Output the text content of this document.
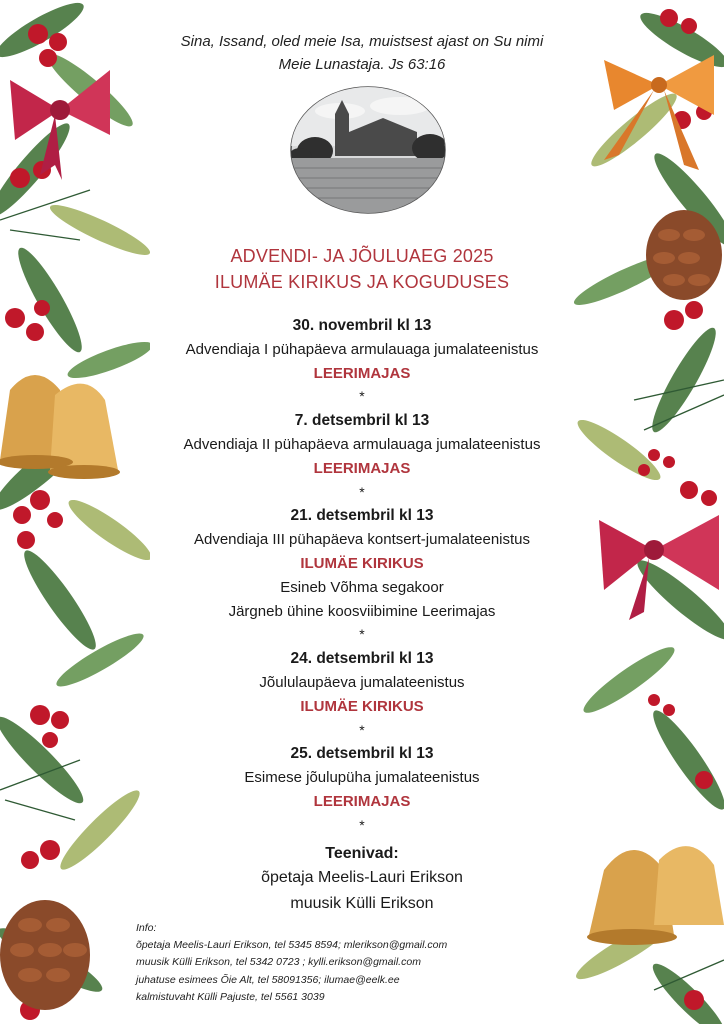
Sina, Issand, oled meie Isa, muistsest ajast on Su nimi
Meie Lunastaja. Js 63:16
ADVENDI- JA JÕULUAEG 2025
ILUMÄE KIRIKUS JA KOGUDUSES
30. novembril kl 13
Advendiaja I pühapäeva armulauaga jumalateenistus
LEERIMAJAS
*
7. detsembril kl 13
Advendiaja II pühapäeva armulauaga jumalateenistus
LEERIMAJAS
*
21. detsembril kl 13
Advendiaja III pühapäeva kontsert-jumalateenistus
ILUMÄE KIRIKUS
Esineb Võhma segakoor
Järgneb ühine koosviibimine Leerimajas
*
24. detsembril kl 13
Jõululaupäeva jumalateenistus
ILUMÄE KIRIKUS
*
25. detsembril kl 13
Esimese jõulupüha jumalateenistus
LEERIMAJAS
*
Teenivad:
õpetaja Meelis-Lauri Erikson
muusik Külli Erikson
Info:
õpetaja Meelis-Lauri Erikson, tel 5345 8594; mlerikson@gmail.com
muusik Külli Erikson, tel 5342 0723 ; kylli.erikson@gmail.com
juhatuse esimees Õie Alt, tel 58091356; ilumae@eelk.ee
kalmistuvaht Külli Pajuste, tel 5561 3039
